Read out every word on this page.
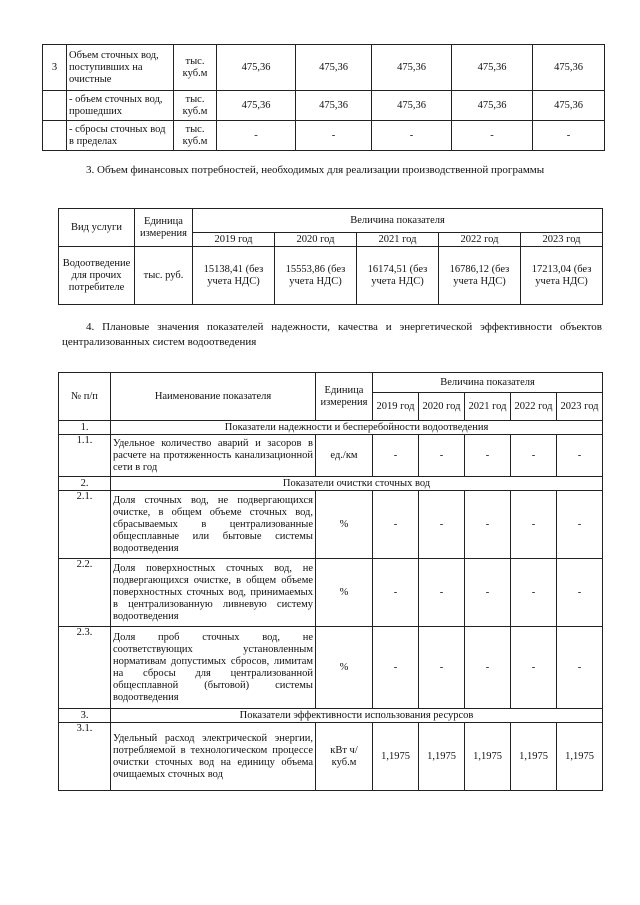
3	Объем сточных вод, поступивших на очистные	тыс. куб.м	475,36	475,36	475,36	475,36	475,36
	- объем сточных вод, прошедших	тыс. куб.м	475,36	475,36	475,36	475,36	475,36
	- сбросы сточных вод в пределах	тыс. куб.м	-	-	-	-	-
3. Объем финансовых потребностей, необходимых для реализации производственной программы
Вид услуги	Единица измерения	Величина показателя				
		2019 год	2020 год	2021 год	2022 год	2023 год
Водоотведение для прочих потребителе	тыс. руб.	15138,41 (без учета НДС)	15553,86 (без учета НДС)	16174,51 (без учета НДС)	16786,12 (без учета НДС)	17213,04 (без учета НДС)
4. Плановые значения показателей надежности, качества и энергетической эффективности объектов централизованных систем водоотведения
№ п/п	Наименование показателя	Единица измерения	Величина показателя				
			2019 год	2020 год	2021 год	2022 год	2023 год
1.	Показатели надежности и бесперебойности водоотведения						
1.1.	Удельное количество аварий и засоров в расчете на протяженность канализационной сети в год	ед./км	-	-	-	-	-
2.	Показатели очистки сточных вод						
2.1.	Доля сточных вод, не подвергающихся очистке, в общем объеме сточных вод, сбрасываемых в централизованные общесплавные или бытовые системы водоотведения	%	-	-	-	-	-
2.2.	Доля поверхностных сточных вод, не подвергающихся очистке, в общем объеме поверхностных сточных вод, принимаемых в централизованную ливневую систему водоотведения	%	-	-	-	-	-
2.3.	Доля проб сточных вод, не соответствующих установленным нормативам допустимых сбросов, лимитам на сбросы для централизованной общесплавной (бытовой) системы водоотведения	%	-	-	-	-	-
3.	Показатели эффективности использования ресурсов						
3.1.	Удельный расход электрической энергии, потребляемой в технологическом процессе очистки сточных вод на единицу объема очищаемых сточных вод	кВт ч/куб.м	1,1975	1,1975	1,1975	1,1975	1,1975
